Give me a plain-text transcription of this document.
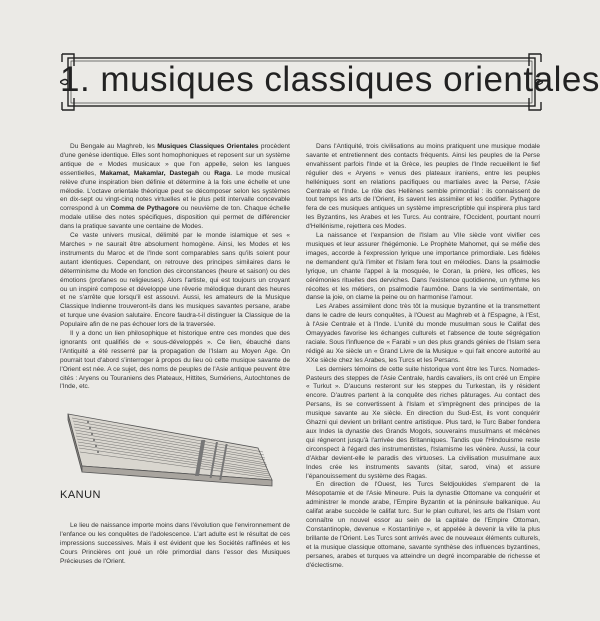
1. musiques classiques orientales

Du Bengale au Maghreb, les Musiques Classiques Orientales procèdent d'une genèse identique. Elles sont homophoniques et reposent sur un système antique de « Modes musicaux » que l'on appelle, selon les langues essentielles, Makamat, Makamlar, Dastegah ou Raga. Le mode musical relève d'une inspiration bien définie et détermine à la fois une échelle et une mélodie. L'octave orientale théorique peut se décomposer selon les systèmes en dix-sept ou vingt-cinq notes virtuelles et le plus petit intervalle concevable correspond à un Comma de Pythagore ou neuvième de ton. Chaque échelle modale utilise des notes spécifiques, disposition qui permet de différencier dans la pratique savante une centaine de Modes.

Ce vaste univers musical, délimité par le monde islamique et ses « Marches » ne saurait être absolument homogène. Ainsi, les Modes et les instruments du Maroc et de l'Inde sont comparables sans qu'ils soient pour autant identiques. Cependant, on retrouve des principes similaires dans le déterminisme du Mode en fonction des circonstances (heure et saison) ou des émotions (profanes ou religieuses). Alors l'artiste, qui est toujours un croyant ou un inspiré compose et développe une rêverie mélodique durant des heures et ne s'arrête que lorsqu'il est assouvi. Aussi, les amateurs de la Musique Classique Indienne trouveront-ils dans les musiques savantes persane, arabe et turque une évasion salutaire. Encore faudra-t-il distinguer la Classique de la Populaire afin de ne pas échouer lors de la traversée.

Il y a donc un lien philosophique et historique entre ces mondes que des ignorants ont qualifiés de « sous-développés ». Ce lien, ébauché dans l'Antiquité a été resserré par la propagation de l'Islam au Moyen Age. On pourrait tout d'abord s'interroger à propos du lieu où cette musique savante de l'Orient est née. A ce sujet, des noms de peuples de l'Asie antique peuvent être cités : Aryens ou Touraniens des Plateaux, Hittites, Sumériens, Autochtones de l'Inde, etc.

KANUN

Le lieu de naissance importe moins dans l'évolution que l'environnement de l'enfance ou les conquêtes de l'adolescence. L'art adulte est le résultat de ces impressions successives. Mais il est évident que les Sociétés raffinées et les Cours Princières ont joué un rôle primordial dans l'essor des Musiques Précieuses de l'Orient.

Dans l'Antiquité, trois civilisations au moins pratiquent une musique modale savante et entretiennent des contacts fréquents. Ainsi les peuples de la Perse envahissent parfois l'Inde et la Grèce, les peuples de l'Inde recueillent le fief régulier des « Aryens » venus des plateaux iraniens, entre les peuples helléniques sont en relations pacifiques ou martiales avec la Perse, l'Asie Centrale et l'Inde. Le rôle des Hellènes semble primordial : ils connaissent de tout temps les arts de l'Orient, ils savent les assimiler et les codifier. Pythagore fera de ces musiques antiques un système imprescriptible qui inspirera plus tard les Byzantins, les Arabes et les Turcs. Au contraire, l'Occident, pourtant nourri d'Hellénisme, rejettera ces Modes.

La naissance et l'expansion de l'Islam au VIIe siècle vont vivifier ces musiques et leur assurer l'hégémonie. Le Prophète Mahomet, qui se méfie des images, accorde à l'expression lyrique une importance primordiale. Les fidèles ne demandent qu'à l'imiter et l'Islam fera tout en mélodies. Dans la psalmodie lyrique, un chante l'appel à la mosquée, le Coran, la prière, les offices, les cérémonies rituelles des derviches. Dans l'existence quotidienne, un rythme les récoltes et les métiers, on psalmodie l'aumône. Dans la vie sentimentale, on danse la joie, on clame la peine ou on harmonise l'amour.

Les Arabes assimilent donc très tôt la musique byzantine et la transmettent dans le cadre de leurs conquêtes, à l'Ouest au Maghreb et à l'Espagne, à l'Est, à l'Asie Centrale et à l'Inde. L'unité du monde musulman sous le Califat des Omayyades favorise les échanges culturels et l'absence de toute ségrégation raciale. Sous l'influence de « Farabi » un des plus grands génies de l'Islam sera rédigé au Xe siècle un « Grand Livre de la Musique » qui fait encore autorité au XXe siècle chez les Arabes, les Turcs et les Persans.

Les derniers témoins de cette suite historique vont être les Turcs. Nomades-Pasteurs des steppes de l'Asie Centrale, hardis cavaliers, ils ont créé un Empire « Turkut ». D'aucuns resteront sur les steppes du Turkestan, ils y résident encore. D'autres partent à la conquête des riches pâturages. Au contact des Persans, ils se convertissent à l'Islam et s'imprègnent des principes de la musique savante au Xe siècle. En direction du Sud-Est, ils vont conquérir Ghazni qui devient un brillant centre artistique. Plus tard, le Turc Baber fondera aux Indes la dynastie des Grands Mogols, souverains musulmans et mécènes qui régneront jusqu'à l'arrivée des Britanniques. Tandis que l'Hindouisme reste circonspect à l'égard des instrumentistes, l'Islamisme les vénère. Aussi, la cour d'Akbar devient-elle le paradis des virtuoses. La civilisation musulmane aux Indes crée les instruments savants (sitar, sarod, vina) et assure l'épanouissement du système des Ragas.

En direction de l'Ouest, les Turcs Seldjoukides s'emparent de la Mésopotamie et de l'Asie Mineure. Puis la dynastie Ottomane va conquérir et administrer le monde arabe, l'Empire Byzantin et la péninsule balkanique. Au califat arabe succède le califat turc. Sur le plan culturel, les arts de l'Islam vont connaître un nouvel essor au sein de la capitale de l'Empire Ottoman, Constantinople, devenue « Kostantiniye », et appelée à devenir la ville la plus brillante de l'Orient. Les Turcs sont arrivés avec de nouveaux éléments culturels, et la musique classique ottomane, savante synthèse des influences byzantines, persanes, arabes et turques va atteindre un degré incomparable de richesse et d'éclectisme.
